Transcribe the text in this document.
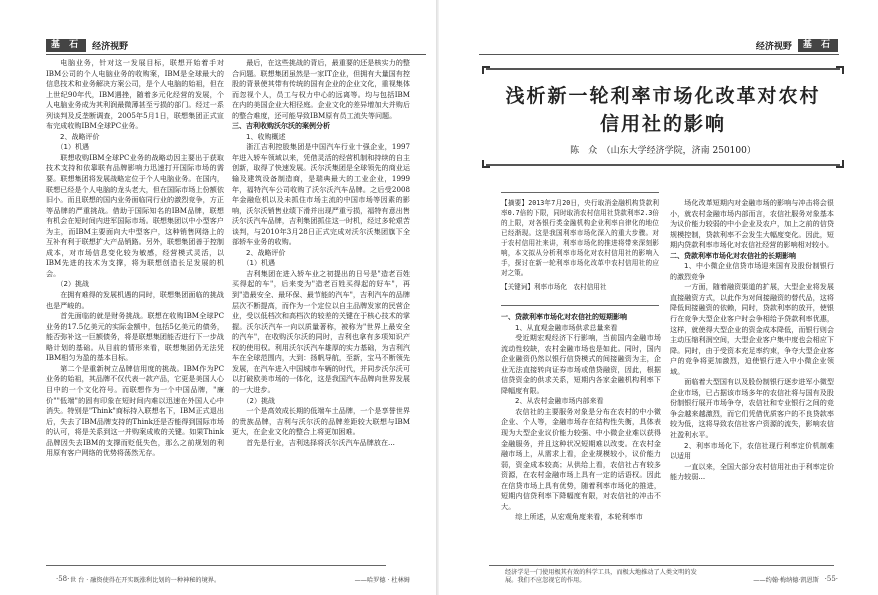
基 石	经济视野

电脑业务，针对这一发展目标，联想开始着手对IBM公司的个人电脑业务的收购案，IBM是全球最大的信息技术和业务解决方案公司，是个人电脑的始祖，但在上世纪90年代，IBM遇挫，随着多元化经营的发展，个人电脑业务成为其利润最微薄甚至亏损的部门。经过一系列谈判及反垄断调查，2005年5月1日，联想集团正式宣布完成收购IBM全球PC业务。

2、战略评价

（1）机遇

联想收购IBM全球PC业务的战略动因主要出于获取技术支持和依靠联有品牌影响力迅速打开国际市场的需要。联想集团将发展战略定位于个人电脑业务。在国内，联想已经是个人电脑的龙头老大，但在国际市场上份额依旧小。而且联想的国内业务面临同行业的激烈竞争，方正等品牌的严重挑战。借助于国际知名的IBM品牌，联想有机会在短时间内进军国际市场。联想集团以中小型客户为主，而IBM主要面向大中型客户，这种销售网络上的互补有利于联想扩大产品销路。另外，联想集团善于控制成本，对市场信息变化较为敏感，经营模式灵活，以IBM先进的技术为支撑，将为联想创造长足发展的机会。

（2）挑战

在拥有难得的发展机遇的同时，联想集团面临的挑战也是严峻的。

首先面临的就是财务挑战。联想在收购IBM全球PC业务的17.5亿美元的实际金额中，包括5亿美元的债务，能否弥补这一巨额债务，将是联想集团能否进行下一步战略计划的基础。从目前的情形来看，联想集团仍无法凭IBM相匀为盈的基本目标。

第二个是重新树立品牌信用度的挑战。IBM作为PC业务的始祖，其品牌不仅代表一款产品，它更是美国人心目中的一个文化符号。而联想作为一个中国品牌，"廉价""低端"的固有印象在短时间内难以迅速在外国人心中消失。特别是"Think"商标持入联想名下，IBM正式退出后，失去了IBM品牌支持的Think还是否能得到国际市场的认可，将是关系到这一并购案成败的关键。如果Think品牌因失去IBM的支撑而贬低失色，那么之前规划的利用原有客户网络的优势将荡然无存。

最后，在这些挑战的背后，最重要的还是核实力的整合问题。联想集团虽然是一家IT企业，但拥有大量国有控股的背景使其带有传统的国有企业的企业文化，重视集体而忽视个人，员工与权力中心的远离等。均与包括IBM在内的美国企业大相径庭。企业文化的差异增加大并购后的整合难度，还可能导致IBM原有员工流失等问题。

三、吉利收购沃尔沃的案例分析

1、收购概述

浙江吉利控股集团是中国汽车行业十强企业，1997年进入轿车领域以来，凭借灵活的经营机制和持续的自主创新，取得了快速发展。沃尔沃集团是全球领先的商业运输及建筑设备制造商，是瑞典最大的工业企业，1999年，福特汽车公司收购了沃尔沃汽车品牌。之后受2008年金融危机以及未抓住市场主流的中国市场等因素的影响，沃尔沃销售业绩下滑并出现严重亏损，福特有意出售沃尔沃汽车品牌，吉利集团抓住这一时机，经过多轮艰苦谈判，与2010年3月28日正式完成对沃尔沃集团旗下全部轿车业务的收购。

2、战略评价

（1）机遇

吉利集团在进入轿车业之初提出的日号是"造老百姓买得起的车"，后来变为"造老百姓买得起的好车"，再到"造最安全、最环保、最节能的汽车"，吉利汽车的品牌层次不断提高，而作为一个定位以自主品牌发家的民营企业，受以低档次和高档次的较差的关键在于核心技术的掌握。沃尔沃汽车一向以质量著称，被称为"世界上最安全的汽车"，在收购沃尔沃的同时，吉利也拿有多项知识产权的使用权。利用沃尔沃汽车雄厚的实力基础，为吉利汽车在全球范围内，大到：扬帆导航，至新，宝马不断领先发展，在汽车进入中国城市车辆的时代，并同步沃尔沃可以打破欧美市场的一体化，这是我国汽车品牌向世界发展的一大进步。

（2）挑战

一个是高效成长期的低端车土品牌，一个是享誉世界的贵族品牌，吉利与沃尔沃的品牌差距较大联想与IBM更大，在企业文化的整合上将更加困难。

首先是行业，吉利选择将沃尔沃汽车品牌放在...

世 台 · 融资使得在开实既涨利比划的一种神秘的境界。	——哈罗德 · 杜林姆
·58·
经济视野	基 石
浅析新一轮利率市场化改革对农村
信用社的影响
陈　众　（山东大学经济学院，济南 250100）
【摘要】2013年7月20日，央行取消金融机构贷款利率0.7倍的下限，同时取消农村信用社贷款利率2.3倍的上限，对各银行类金融机构企业利率自律化的地位已经渐现。这是我国利率市场化深入的重大步骤。对于农村信用社来讲，利率市场化的推进将带来深刻影响，本文拟从分析利率市场化对农村信用社的影响入手，探讨在新一轮利率市场化改革中农村信用社的应对之策。
【关键词】利率市场化　农村信用社

一、贷款利率市场化对农信社的短期影响

1、从直观金融市场供求总量来看

受近期宏观经济下行影响，当前国内金融市场流动性较缺，农村金融市场也是如此。同时，国内企业融资仍然以银行信贷模式的间接融资为主，企业无法直接转向证券市场或借贷融资，因此，根据信贷资金的供求关系，短期内各家金融机构利率下降幅度有限。

2、从农村金融市场内部来看

农信社的主要服务对象是分布在农村的中小微企业、个人等，金融市场存在结构性失衡，具体表现为大型企业议价能力较强、中小微企业难以获得金融服务，并且这种状况短期难以改变。在农村金融市场上，从需求上看，企业规模较小，议价能力弱，资金成本较高；从供给上看，农信社占有较多资源，在农村金融市场上具有一定的话语权。因此在信贷市场上具有优势，随着利率市场化的推进，短期内信贷利率下降幅度有限，对农信社的冲击不大。

综上所述，从宏观角度来看，本轮利率市

场化改革短期内对金融市场的影响与冲击将会很小，就农村金融市场内部而言，农信社服务对象基本为议价能力较弱的中小企业及农户，加上之前的信贷规模控制，贷款利率不会发生大幅度变化。因此，短期内贷款利率市场化对农信社经营的影响相对较小。

二、贷款利率市场化对农信社的长期影响

1、中小微企业信贷市场迎来国有及股份制银行的激烈竞争

一方面，随着融资渠道的扩展，大型企业将发展直接融资方式，以此作为对间接融资的替代品，这将降低间接融资的依赖，同时，贷款利率的放开，使银行在竞争大型企业客户时会争相给予贷款利率优惠，这样，就使得大型企业的资金成本降低，而银行则会主动压缩利润空间，大型企业客户集中度也会相应下降。同时，由于受资本充足率约束，争夺大型企业客户的竞争将更加激烈，迫使银行进入中小微企业领域。

面临着大型国有以及股份制银行逐步进军小微型企业市场，已占据该市场多年的农信社将与国有及股份制银行展开市场争夺，农信社和专业银行之间的竞争会越来越激烈，而它们凭借优质客户的不良贷款率较为低，这将导致农信社客户资源的流失，影响农信社盈利水平。

2、利率市场化下，农信社现行利率定价机制难以适用

一直以来，全国大部分农村信用社由于利率定价能力较弱...

经济学是一门使用极其有效的科学工具，而极大地推动了人类文明的发展。我们不应忽视它的作用。	——约翰·梅纳德·凯恩斯 ·55·
